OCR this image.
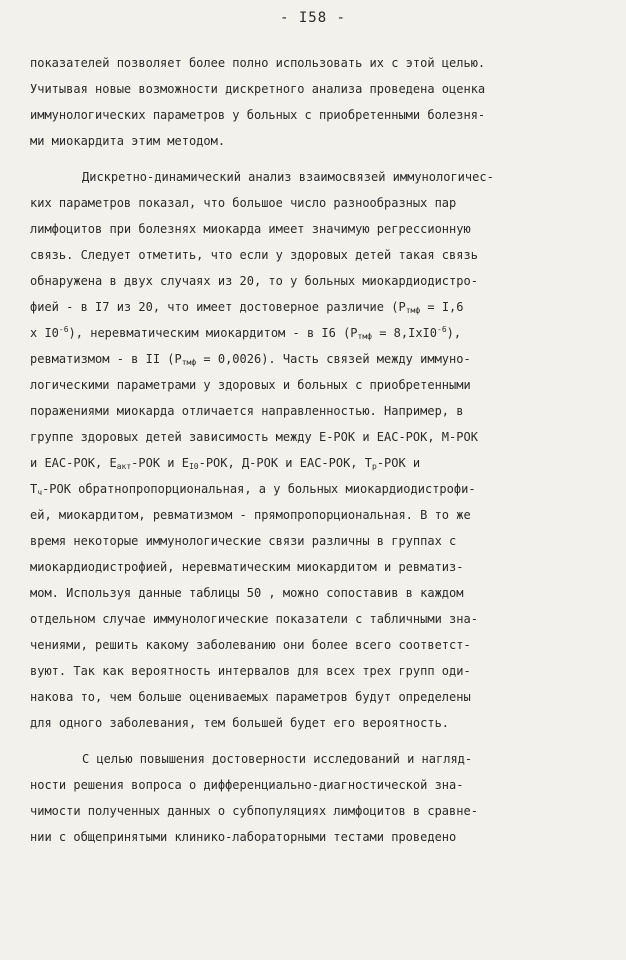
- I58 -
показателей позволяет более полно использовать их с этой целью.
Учитывая новые возможности дискретного анализа проведена оценка
иммунологических параметров у больных с приобретенными болезня-
ми миокардита этим методом.
Дискретно-динамический анализ взаимосвязей иммунологичес-
ких параметров показал, что большое число разнообразных пар
лимфоцитов при болезнях миокарда имеет значимую регрессионную
связь. Следует отметить, что если у здоровых детей такая связь
обнаружена в двух случаях из 20, то у больных миокардиодистро-
фией - в I7 из 20, что имеет достоверное различие ($P_{тмф} = I,6$
x $I0^{-6}$), неревматическим миокардитом - в I6 $(P_{тмф} = 8,IxI0^{-6})$,
ревматизмом - в II $(P_{тмф} = 0,0026)$. Часть связей между иммуно-
логическими параметрами у здоровых и больных с приобретенными
поражениями миокарда отличается направленностью. Например, в
группе здоровых детей зависимость между Е-РОК и ЕАС-РОК, М-РОК
и ЕАС-РОК, $Е_{акт}$-РОК и $Е_{I0}$-РОК, Д-РОК и ЕАС-РОК, $Т_р$-РОК и
$Т_ч$-РОК обратнопропорциональная, а у больных миокардиодистрофи-
ей, миокардитом, ревматизмом - прямопропорциональная. В то же
время некоторые иммунологические связи различны в группах с
миокардиодистрофией, неревматическим миокардитом и ревматиз-
мом. Используя данные таблицы 50 , можно сопоставив в каждом
отдельном случае иммунологические показатели с табличными зна-
чениями, решить какому заболеванию они более всего соответст-
вуют. Так как вероятность интервалов для всех трех групп оди-
накова то, чем больше оцениваемых параметров будут определены
для одного заболевания, тем большей будет его вероятность.
С целью повышения достоверности исследований и нагляд-
ности решения вопроса о дифференциально-диагностической зна-
чимости полученных данных о субпопуляциях лимфоцитов в сравне-
нии с общепринятыми клинико-лабораторными тестами проведено
